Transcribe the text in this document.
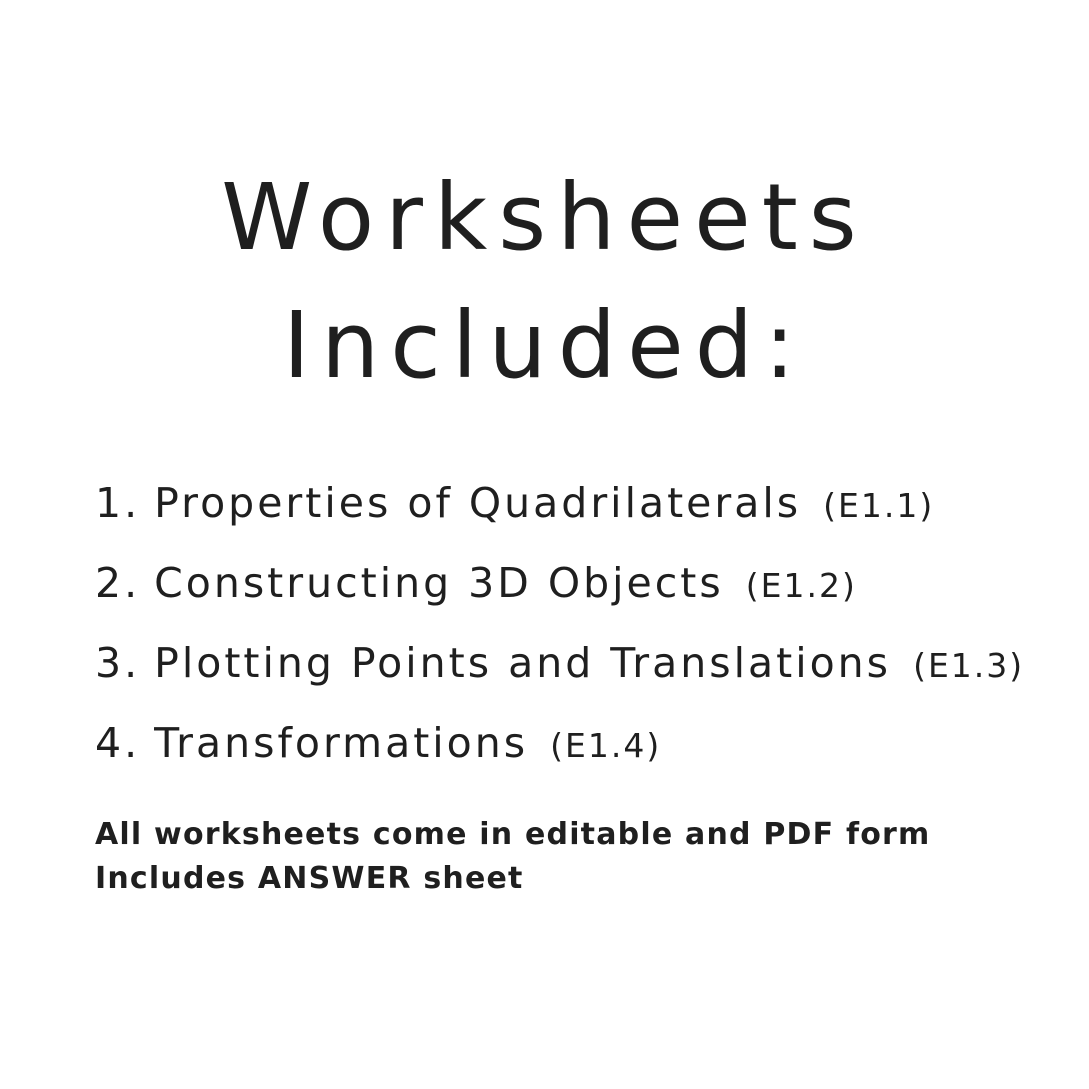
Worksheets
Included:
1. Properties of Quadrilaterals (E1.1)
2. Constructing 3D Objects (E1.2)
3. Plotting Points and Translations (E1.3)
4. Transformations (E1.4)
All worksheets come in editable and PDF form
Includes ANSWER sheet
